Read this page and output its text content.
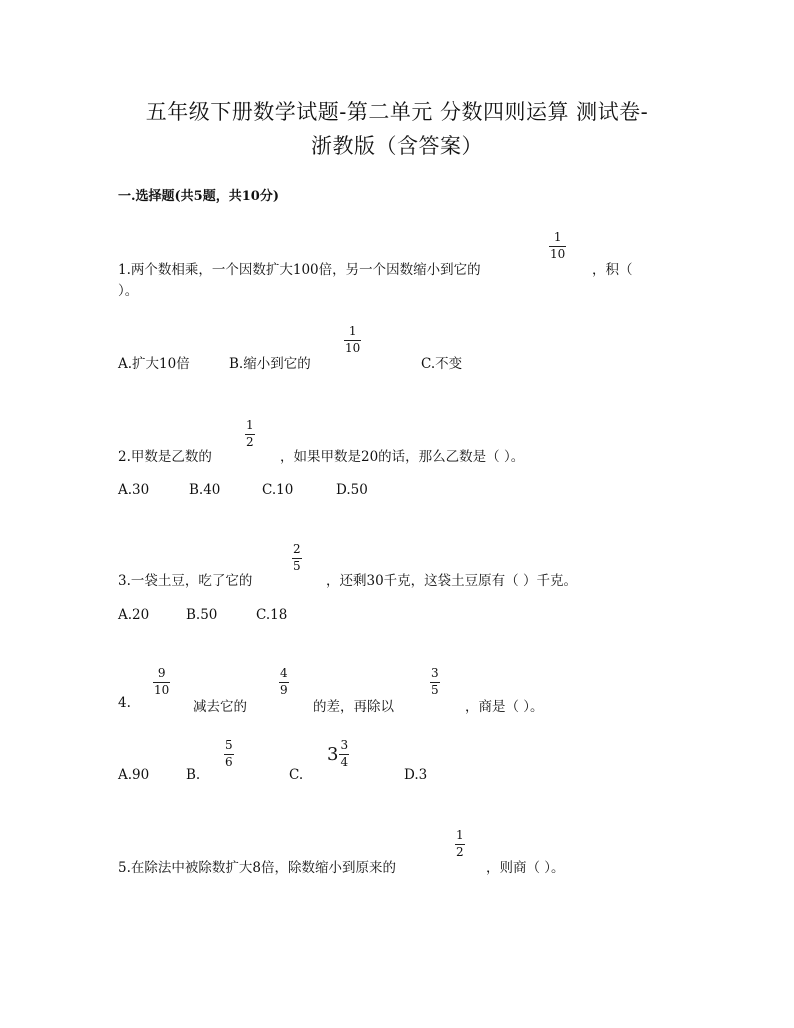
五年级下册数学试题-第二单元 分数四则运算 测试卷-
浙教版（含答案）
一.选择题(共5题，共10分)
1.两个数相乘，一个因数扩大100倍，另一个因数缩小到它的
1
10
，积（
）。
A.扩大10倍	B.缩小到它的
1
10
C.不变
2.甲数是乙数的
1
2
，如果甲数是20的话，那么乙数是（ ）。
A.30	B.40	C.10	D.50
3.一袋土豆，吃了它的
2
5
，还剩30千克，这袋土豆原有（ ）千克。
A.20	B.50	C.18
4.
9
10
减去它的
4
9
的差，再除以
3
5
，商是（ ）。
A.90	B.
5
6
C.
$3 \frac{3}{4}$
D.3
5.在除法中被除数扩大8倍，除数缩小到原来的
1
2
，则商（ ）。
